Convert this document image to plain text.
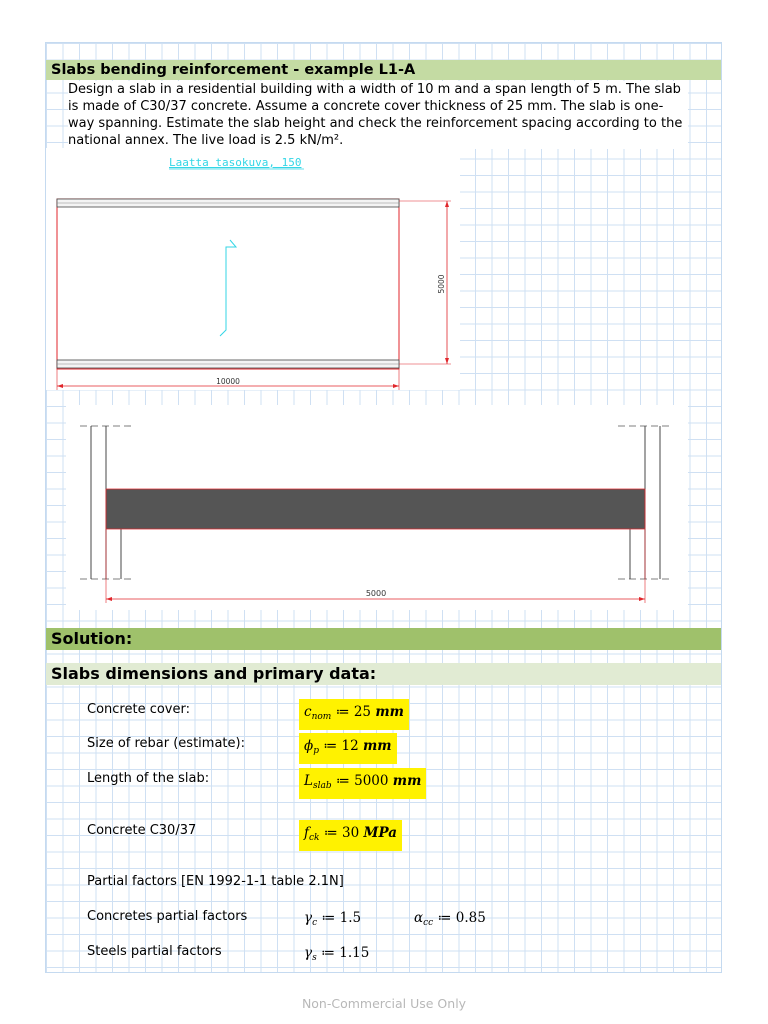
Slabs bending reinforcement - example L1-A
Design a slab in a residential building with a width of 10 m and a span length of 5 m. The slab is made of C30/37 concrete. Assume a concrete cover thickness of 25 mm. The slab is one-way spanning. Estimate the slab height and check the reinforcement spacing according to the national annex. The live load is 2.5 kN/m².
Laatta tasokuva, 150
5000
10000
5000
Solution:
Slabs dimensions and primary data:
Concrete cover:	$c_{nom}$ ≔ 25 mm
Size of rebar (estimate):	$\phi_p$ ≔ 12 mm
Length of the slab:	$L_{slab}$ ≔ 5000 mm
Concrete C30/37	$f_{ck}$ ≔ 30 MPa
Partial factors [EN 1992-1-1 table 2.1N]
Concretes partial factors	$\gamma_c$ ≔ 1.5	$\alpha_{cc}$ ≔ 0.85
Steels partial factors	$\gamma_s$ ≔ 1.15
Non-Commercial Use Only
